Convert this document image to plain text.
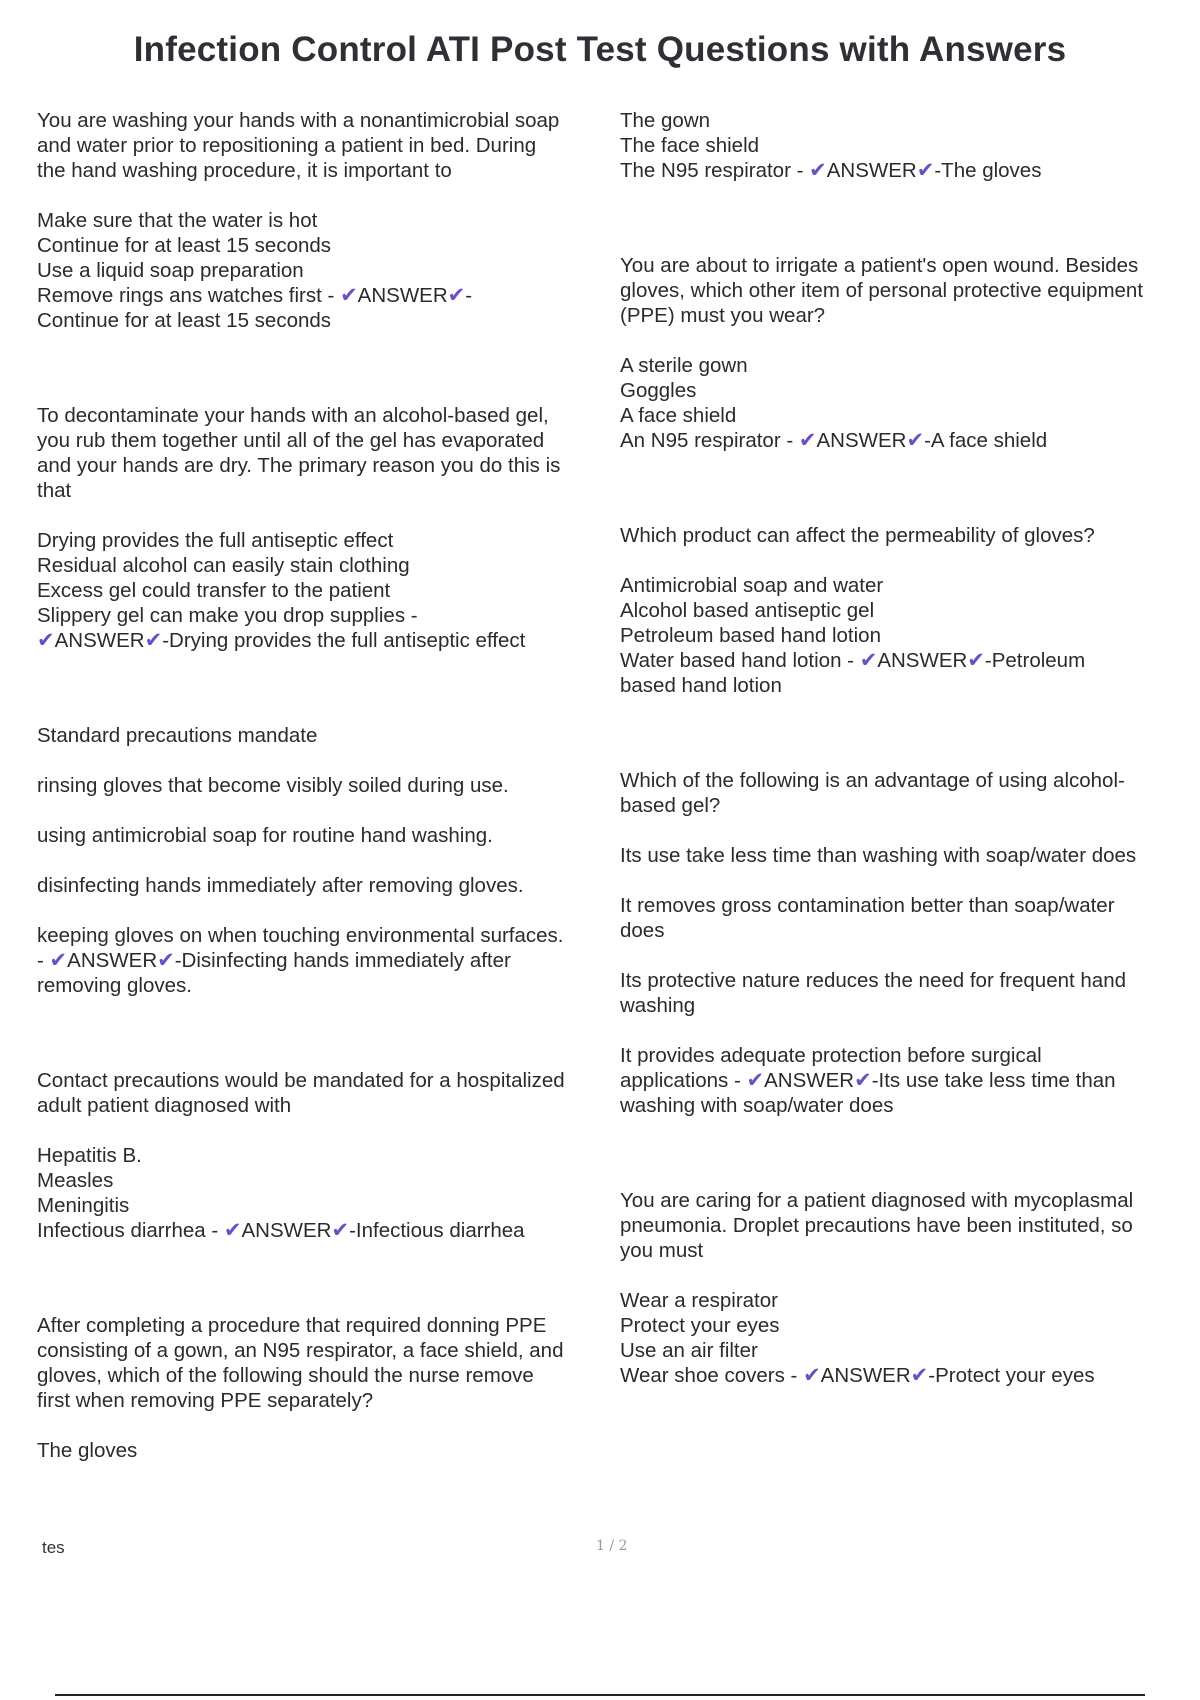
Infection Control ATI Post Test Questions with Answers
You are washing your hands with a nonantimicrobial soap
and water prior to repositioning a patient in bed. During
the hand washing procedure, it is important to
Make sure that the water is hot
Continue for at least 15 seconds
Use a liquid soap preparation
Remove rings ans watches first - ✔ANSWER✔-
Continue for at least 15 seconds
To decontaminate your hands with an alcohol-based gel,
you rub them together until all of the gel has evaporated
and your hands are dry. The primary reason you do this is
that
Drying provides the full antiseptic effect
Residual alcohol can easily stain clothing
Excess gel could transfer to the patient
Slippery gel can make you drop supplies -
✔ANSWER✔-Drying provides the full antiseptic effect
Standard precautions mandate
rinsing gloves that become visibly soiled during use.
using antimicrobial soap for routine hand washing.
disinfecting hands immediately after removing gloves.
keeping gloves on when touching environmental surfaces.
- ✔ANSWER✔-Disinfecting hands immediately after
removing gloves.
Contact precautions would be mandated for a hospitalized
adult patient diagnosed with
Hepatitis B.
Measles
Meningitis
Infectious diarrhea - ✔ANSWER✔-Infectious diarrhea
After completing a procedure that required donning PPE
consisting of a gown, an N95 respirator, a face shield, and
gloves, which of the following should the nurse remove
first when removing PPE separately?
The gloves
The gown
The face shield
The N95 respirator - ✔ANSWER✔-The gloves
You are about to irrigate a patient's open wound. Besides
gloves, which other item of personal protective equipment
(PPE) must you wear?
A sterile gown
Goggles
A face shield
An N95 respirator - ✔ANSWER✔-A face shield
Which product can affect the permeability of gloves?
Antimicrobial soap and water
Alcohol based antiseptic gel
Petroleum based hand lotion
Water based hand lotion - ✔ANSWER✔-Petroleum
based hand lotion
Which of the following is an advantage of using alcohol-
based gel?
Its use take less time than washing with soap/water does
It removes gross contamination better than soap/water
does
Its protective nature reduces the need for frequent hand
washing
It provides adequate protection before surgical
applications - ✔ANSWER✔-Its use take less time than
washing with soap/water does
You are caring for a patient diagnosed with mycoplasmal
pneumonia. Droplet precautions have been instituted, so
you must
Wear a respirator
Protect your eyes
Use an air filter
Wear shoe covers - ✔ANSWER✔-Protect your eyes
tes	1 / 2
